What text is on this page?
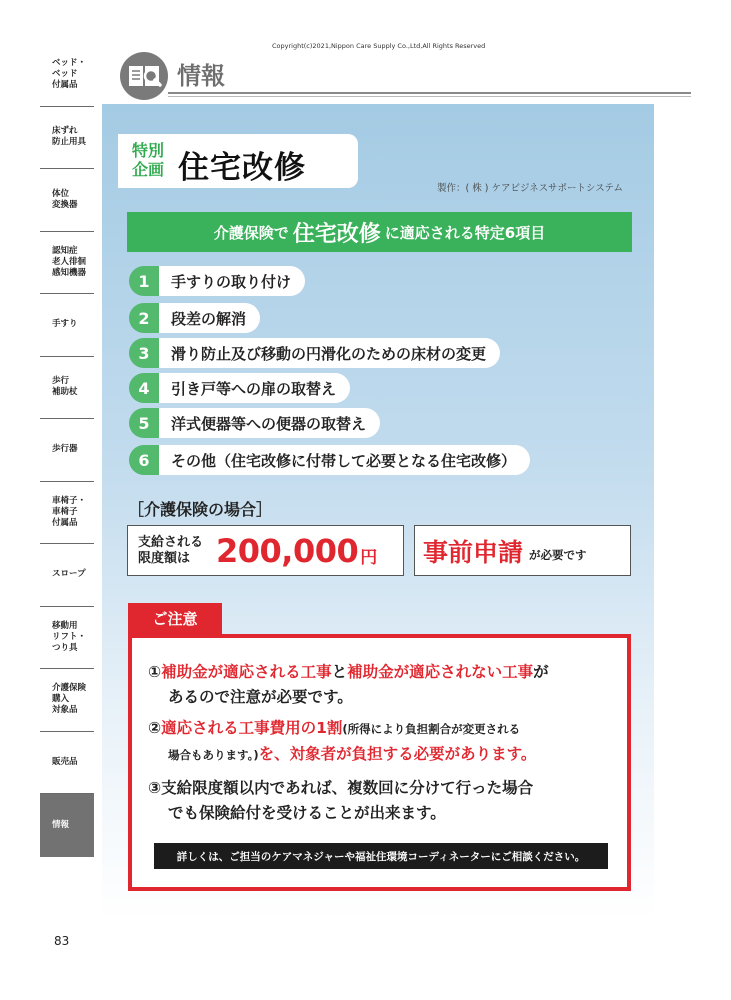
ベッド・
ベッド
付属品
床ずれ
防止用具
体位
変換器
認知症
老人徘徊
感知機器
手すり
歩行
補助杖
歩行器
車椅子・
車椅子
付属品
スロープ
移動用
リフト・
つり具
介護保険
購入
対象品
販売品
情報
Copyright(c)2021,Nippon Care Supply Co.,Ltd,All Rights Reserved
情報
特別
企画 住宅改修
製作：( 株 ) ケアビジネスサポートシステム
介護保険で 住宅改修 に適応される特定6項目
1	手すりの取り付け
2	段差の解消
3	滑り防止及び移動の円滑化のための床材の変更
4	引き戸等への扉の取替え
5	洋式便器等への便器の取替え
6	その他（住宅改修に付帯して必要となる住宅改修）
［介護保険の場合］
支給される
限度額は 200,000 円 事前申請 が必要です
ご注意
①補助金が適応される工事と補助金が適応されない工事が
あるので注意が必要です。
②適応される工事費用の1割(所得により負担割合が変更される
場合もあります。)を、対象者が負担する必要があります。
③支給限度額以内であれば、複数回に分けて行った場合
でも保険給付を受けることが出来ます。
詳しくは、ご担当のケアマネジャーや福祉住環境コーディネーターにご相談ください。
83
